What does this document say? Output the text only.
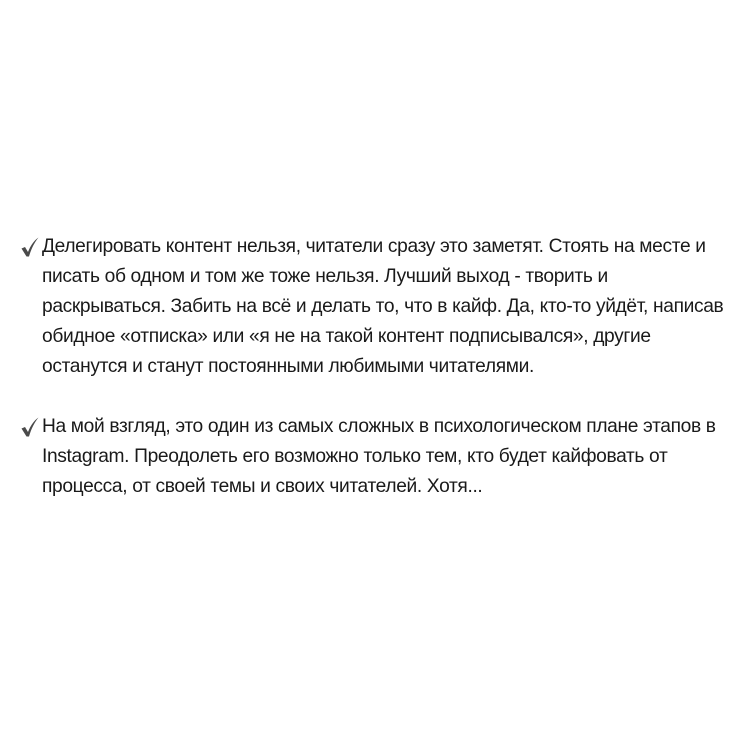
Делегировать контент нельзя, читатели сразу это заметят. Стоять на месте и писать об одном и том же тоже нельзя. Лучший выход - творить и раскрываться. Забить на всё и делать то, что в кайф. Да, кто-то уйдёт, написав обидное «отписка» или «я не на такой контент подписывался», другие останутся и станут постоянными любимыми читателями.
На мой взгляд, это один из самых сложных в психологическом плане этапов в Instagram. Преодолеть его возможно только тем, кто будет кайфовать от процесса, от своей темы и своих читателей. Хотя...
